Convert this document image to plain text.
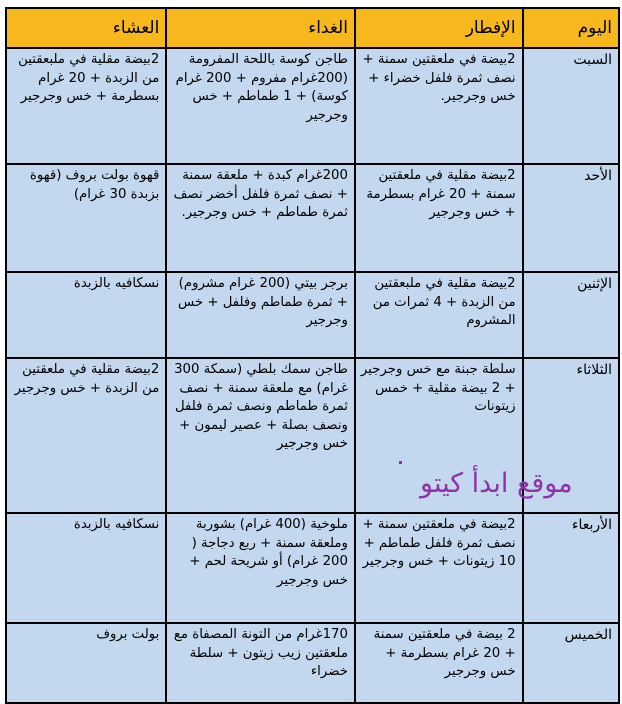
اليوم	الإفطار	الغداء	العشاء
السبت	2بيضة في ملعقتين سمنة + نصف ثمرة فلفل خضراء + خس وجرجير.	طاجن كوسة باللحة المفرومة (200غرام مفروم + 200 غرام كوسة) + 1 طماطم + خس وجرجير	2بيضة مقلية في ملبعقتين من الزبدة + 20 غرام بسطرمة + خس وجرجير
الأحد	2بيضة مقلية في ملعقتين سمنة + 20 غرام بسطرمة + خس وجرجير	200غرام كبدة + ملعقة سمنة + نصف ثمرة فلفل أخضر نصف ثمرة طماطم + خس وجرجير.	قهوة بولت بروف (قهوة بزبدة 30 غرام)
الإثنين	2بيضة مقلية في ملبعقتين من الزبدة + 4 ثمرات من المشروم	برجر بيتي (200 غرام مشروم) + ثمرة طماطم وفلفل + خس وجرجير	نسكافيه بالزبدة
الثلاثاء	سلطة جبنة مع خس وجرجير + 2 بيضة مقلية + خمس زيتونات	طاجن سمك بلطي (سمكة 300 غرام) مع ملعقة سمنة + نصف ثمرة طماطم ونصف ثمرة فلفل ونصف بصلة + عصير ليمون + خس وجرجير	2بيضة مقلية في ملعقتين من الزبدة + خس وجرجير
الأربعاء	2بيضة في ملعقتين سمنة + نصف ثمرة فلفل طماطم + 10 زيتونات + خس وجرجير	ملوخية (400 غرام) بشوربة وملعقة سمنة + ربع دجاجة ( 200 غرام) أو شريحة لحم + خس وجرجير	نسكافيه بالزبدة
الخميس	2 بيضة في ملعقتين سمنة + 20 غرام بسطرمة + خس وجرجير	170غرام من التونة المصفاة مع ملعقتين زيب زيتون + سلطة خضراء	بولت بروف
موقع ابدأ كيتو
